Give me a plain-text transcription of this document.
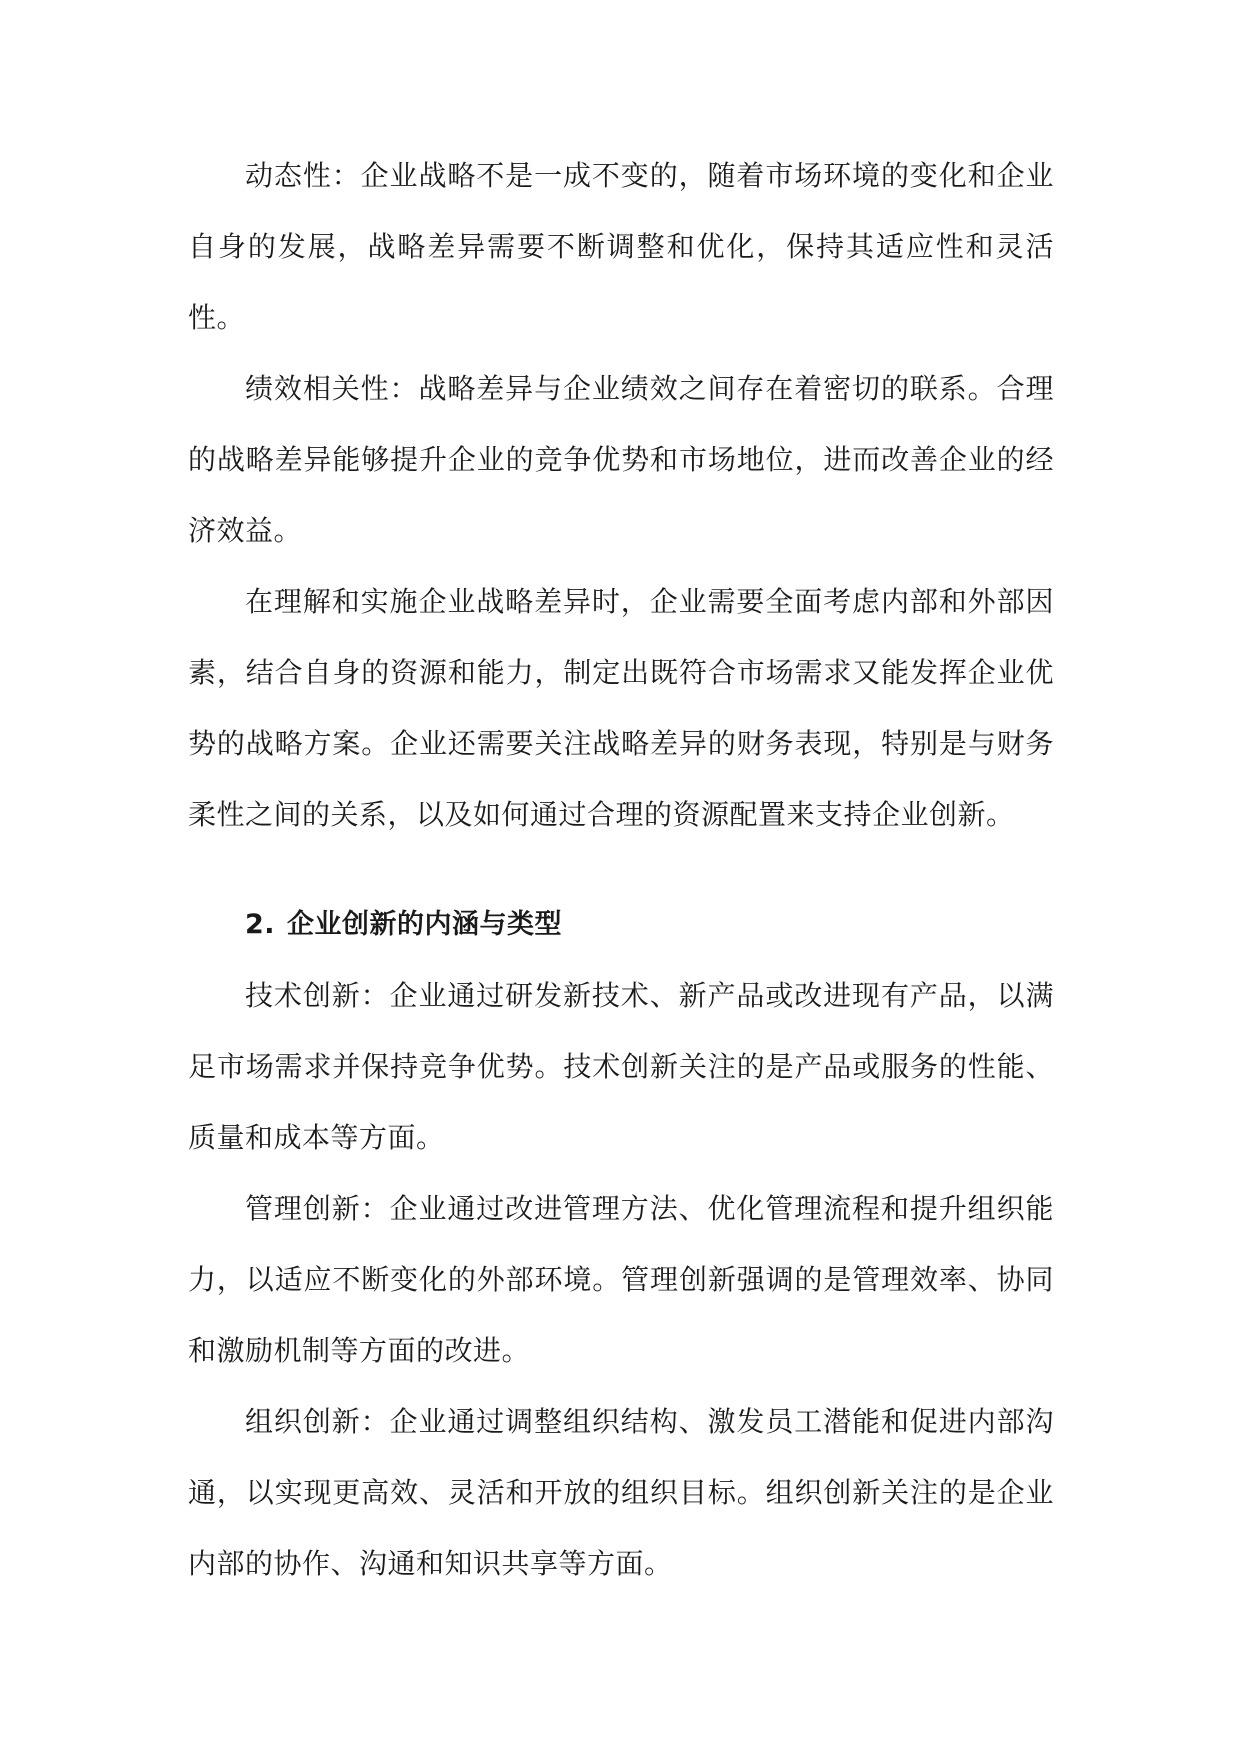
动态性：企业战略不是一成不变的，随着市场环境的变化和企业自身的发展，战略差异需要不断调整和优化，保持其适应性和灵活性。

绩效相关性：战略差异与企业绩效之间存在着密切的联系。合理的战略差异能够提升企业的竞争优势和市场地位，进而改善企业的经济效益。

在理解和实施企业战略差异时，企业需要全面考虑内部和外部因素，结合自身的资源和能力，制定出既符合市场需求又能发挥企业优势的战略方案。企业还需要关注战略差异的财务表现，特别是与财务柔性之间的关系，以及如何通过合理的资源配置来支持企业创新。

2. 企业创新的内涵与类型

技术创新：企业通过研发新技术、新产品或改进现有产品，以满足市场需求并保持竞争优势。技术创新关注的是产品或服务的性能、质量和成本等方面。

管理创新：企业通过改进管理方法、优化管理流程和提升组织能力，以适应不断变化的外部环境。管理创新强调的是管理效率、协同和激励机制等方面的改进。

组织创新：企业通过调整组织结构、激发员工潜能和促进内部沟通，以实现更高效、灵活和开放的组织目标。组织创新关注的是企业内部的协作、沟通和知识共享等方面。
